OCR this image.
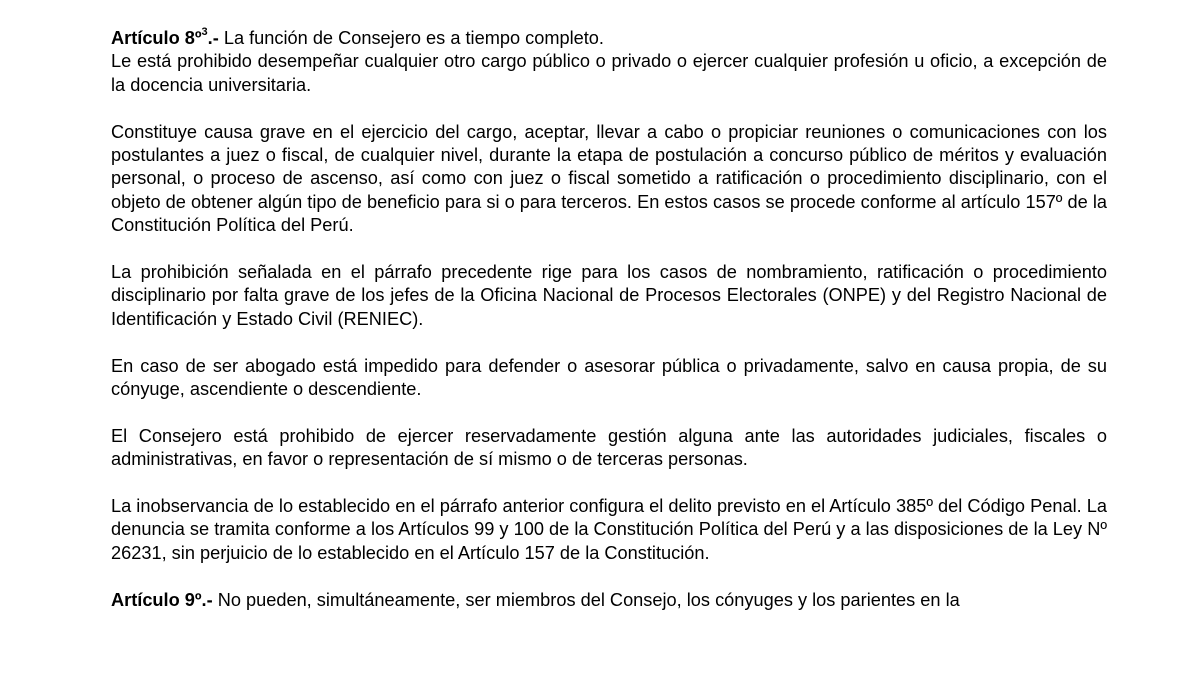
Artículo 8º$^3$.- La función de Consejero es a tiempo completo.

Le está prohibido desempeñar cualquier otro cargo público o privado o ejercer cualquier profesión u oficio, a excepción de la docencia universitaria.

Constituye causa grave en el ejercicio del cargo, aceptar, llevar a cabo o propiciar reuniones o comunicaciones con los postulantes a juez o fiscal, de cualquier nivel, durante la etapa de postulación a concurso público de méritos y evaluación personal, o proceso de ascenso, así como con juez o fiscal sometido a ratificación o procedimiento disciplinario, con el objeto de obtener algún tipo de beneficio para si o para terceros. En estos casos se procede conforme al artículo 157º de la Constitución Política del Perú.

La prohibición señalada en el párrafo precedente rige para los casos de nombramiento, ratificación o procedimiento disciplinario por falta grave de los jefes de la Oficina Nacional de Procesos Electorales (ONPE) y del Registro Nacional de Identificación y Estado Civil (RENIEC).

En caso de ser abogado está impedido para defender o asesorar pública o privadamente, salvo en causa propia, de su cónyuge, ascendiente o descendiente.

El Consejero está prohibido de ejercer reservadamente gestión alguna ante las autoridades judiciales, fiscales o administrativas, en favor o representación de sí mismo o de terceras personas.

La inobservancia de lo establecido en el párrafo anterior configura el delito previsto en el Artículo 385º del Código Penal. La denuncia se tramita conforme a los Artículos 99 y 100 de la Constitución Política del Perú y a las disposiciones de la Ley Nº 26231, sin perjuicio de lo establecido en el Artículo 157 de la Constitución.

Artículo 9º.- No pueden, simultáneamente, ser miembros del Consejo, los cónyuges y los parientes en la
